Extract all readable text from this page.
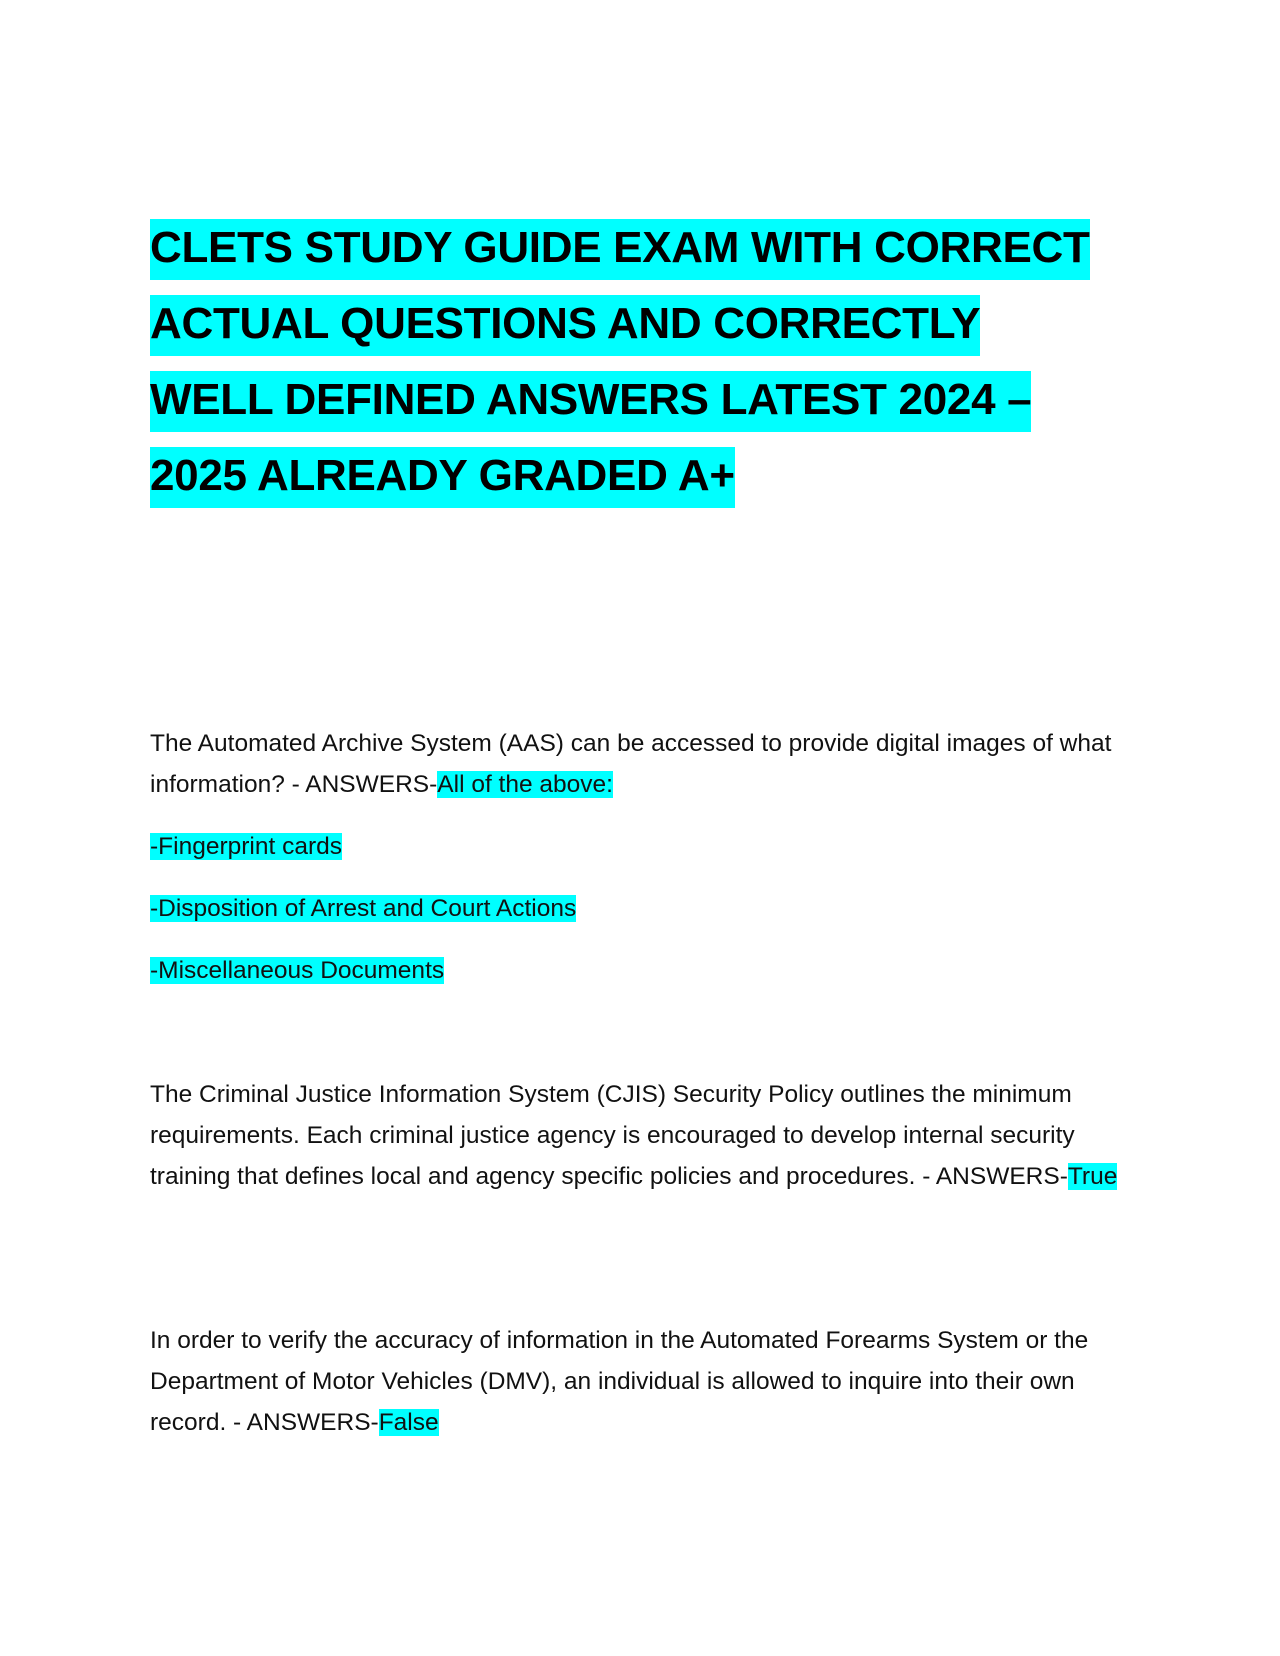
CLETS STUDY GUIDE EXAM WITH CORRECT
ACTUAL QUESTIONS AND CORRECTLY
WELL DEFINED ANSWERS LATEST 2024 –
2025 ALREADY GRADED A+

The Automated Archive System (AAS) can be accessed to provide digital images of what information? - ANSWERS-All of the above:

-Fingerprint cards

-Disposition of Arrest and Court Actions

-Miscellaneous Documents

The Criminal Justice Information System (CJIS) Security Policy outlines the minimum requirements. Each criminal justice agency is encouraged to develop internal security training that defines local and agency specific policies and procedures. - ANSWERS-True

In order to verify the accuracy of information in the Automated Forearms System or the Department of Motor Vehicles (DMV), an individual is allowed to inquire into their own record. - ANSWERS-False
